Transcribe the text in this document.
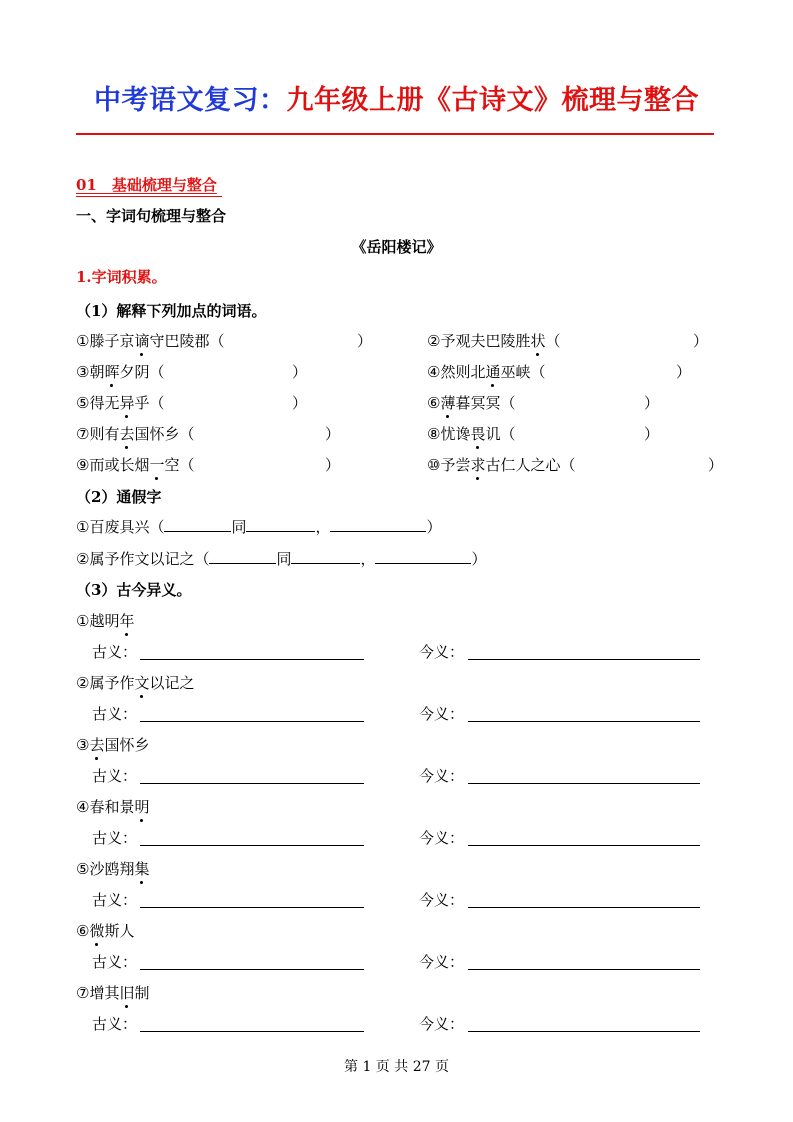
中考语文复习：九年级上册《古诗文》梳理与整合
01　基础梳理与整合
一、字词句梳理与整合
《岳阳楼记》
1.字词积累。
（1）解释下列加点的词语。
①滕子京谪守巴陵郡（	）	②予观夫巴陵胜状（	）
③朝晖夕阴（	）	④然则北通巫峡（	）
⑤得无异乎（	）	⑥薄暮冥冥（	）
⑦则有去国怀乡（	）	⑧忧谗畏讥（	）
⑨而或长烟一空（	）	⑩予尝求古仁人之心（	）
（2）通假字
①百废具兴（	同	，	）
②属予作文以记之（	同	，	）
（3）古今异义。
①越明年
古义：	今义：
②属予作文以记之
古义：	今义：
③去国怀乡
古义：	今义：
④春和景明
古义：	今义：
⑤沙鸥翔集
古义：	今义：
⑥微斯人
古义：	今义：
⑦增其旧制
古义：	今义：
第 1 页 共 27 页
